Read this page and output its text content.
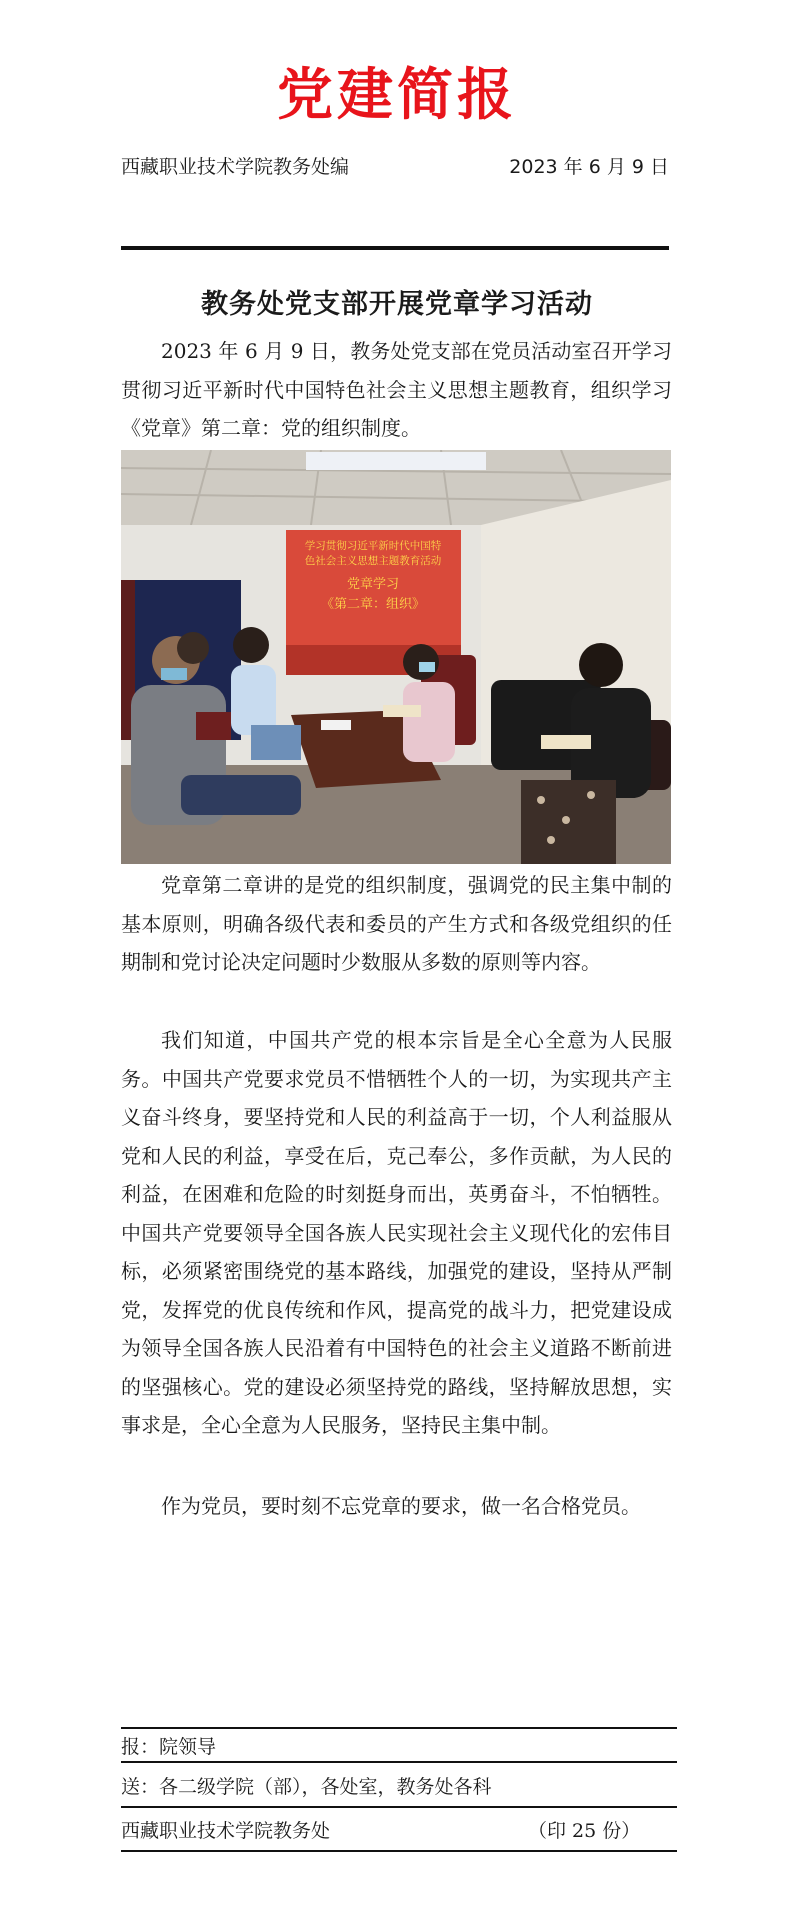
党建简报
西藏职业技术学院教务处编	2023 年 6 月 9 日
教务处党支部开展党章学习活动

2023 年 6 月 9 日，教务处党支部在党员活动室召开学习贯彻习近平新时代中国特色社会主义思想主题教育，组织学习《党章》第二章：党的组织制度。

学习贯彻习近平新时代中国特
色社会主义思想主题教育活动
党章学习
《第二章：组织》

党章第二章讲的是党的组织制度，强调党的民主集中制的基本原则，明确各级代表和委员的产生方式和各级党组织的任期制和党讨论决定问题时少数服从多数的原则等内容。

我们知道，中国共产党的根本宗旨是全心全意为人民服务。中国共产党要求党员不惜牺牲个人的一切，为实现共产主义奋斗终身，要坚持党和人民的利益高于一切，个人利益服从党和人民的利益，享受在后，克己奉公，多作贡献，为人民的利益，在困难和危险的时刻挺身而出，英勇奋斗，不怕牺牲。中国共产党要领导全国各族人民实现社会主义现代化的宏伟目标，必须紧密围绕党的基本路线，加强党的建设，坚持从严制党，发挥党的优良传统和作风，提高党的战斗力，把党建设成为领导全国各族人民沿着有中国特色的社会主义道路不断前进的坚强核心。党的建设必须坚持党的路线，坚持解放思想，实事求是，全心全意为人民服务，坚持民主集中制。

作为党员，要时刻不忘党章的要求，做一名合格党员。

报：院领导
送：各二级学院（部），各处室，教务处各科
西藏职业技术学院教务处	（印 25 份）
